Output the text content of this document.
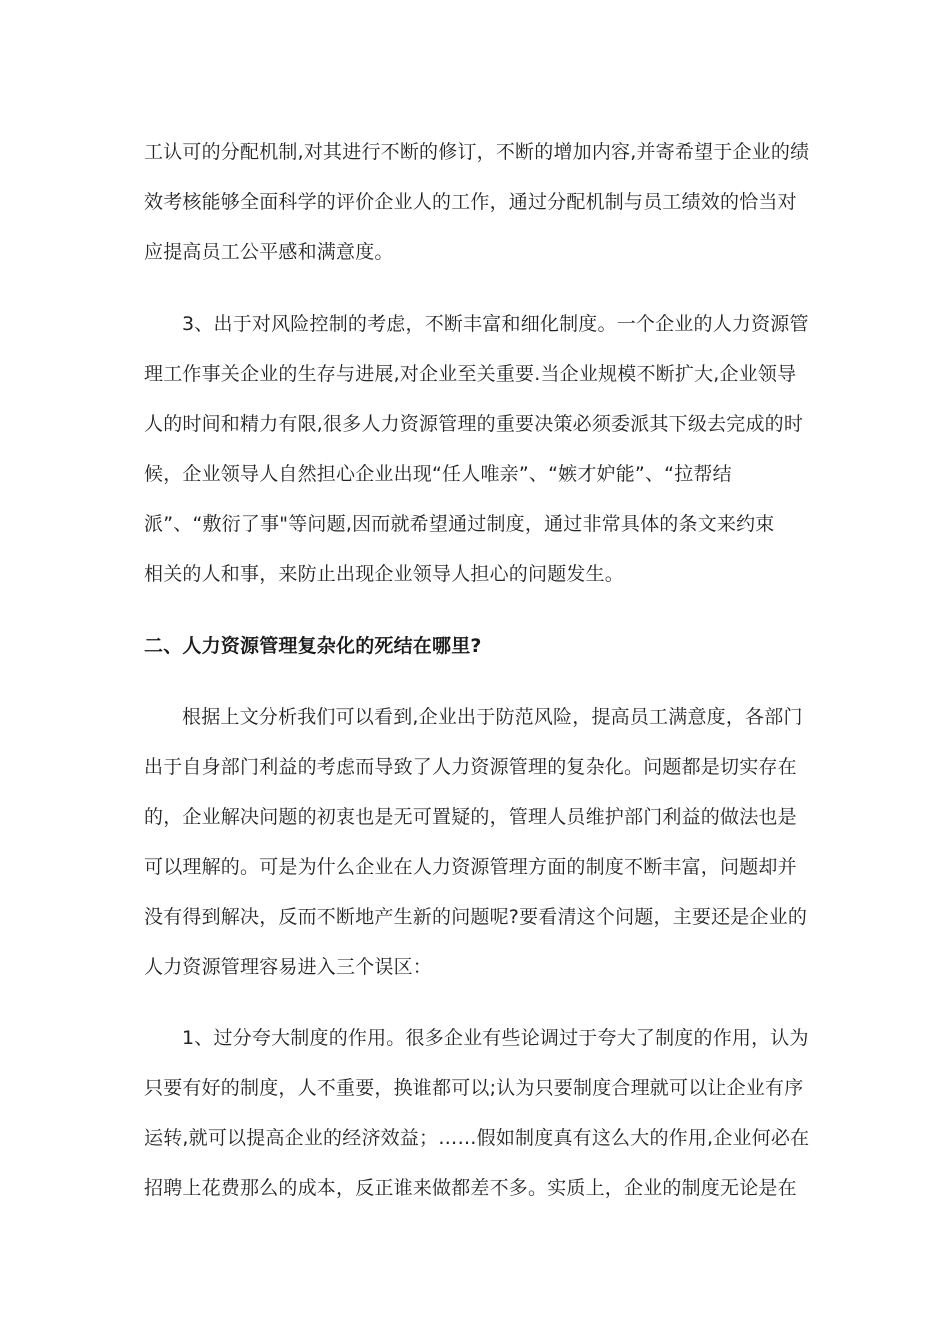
工认可的分配机制,对其进行不断的修订，不断的增加内容,并寄希望于企业的绩
效考核能够全面科学的评价企业人的工作，通过分配机制与员工绩效的恰当对
应提高员工公平感和满意度。
3、出于对风险控制的考虑，不断丰富和细化制度。一个企业的人力资源管
理工作事关企业的生存与进展,对企业至关重要.当企业规模不断扩大,企业领导
人的时间和精力有限,很多人力资源管理的重要决策必须委派其下级去完成的时
候，企业领导人自然担心企业出现“任人唯亲”、“嫉才妒能”、“拉帮结
派”、“敷衍了事"等问题,因而就希望通过制度，通过非常具体的条文来约束
相关的人和事，来防止出现企业领导人担心的问题发生。
二、人力资源管理复杂化的死结在哪里?
根据上文分析我们可以看到,企业出于防范风险，提高员工满意度，各部门
出于自身部门利益的考虑而导致了人力资源管理的复杂化。问题都是切实存在
的，企业解决问题的初衷也是无可置疑的，管理人员维护部门利益的做法也是
可以理解的。可是为什么企业在人力资源管理方面的制度不断丰富，问题却并
没有得到解决，反而不断地产生新的问题呢?要看清这个问题，主要还是企业的
人力资源管理容易进入三个误区：
1、过分夸大制度的作用。很多企业有些论调过于夸大了制度的作用，认为
只要有好的制度，人不重要，换谁都可以;认为只要制度合理就可以让企业有序
运转,就可以提高企业的经济效益；……假如制度真有这么大的作用,企业何必在
招聘上花费那么的成本，反正谁来做都差不多。实质上，企业的制度无论是在
